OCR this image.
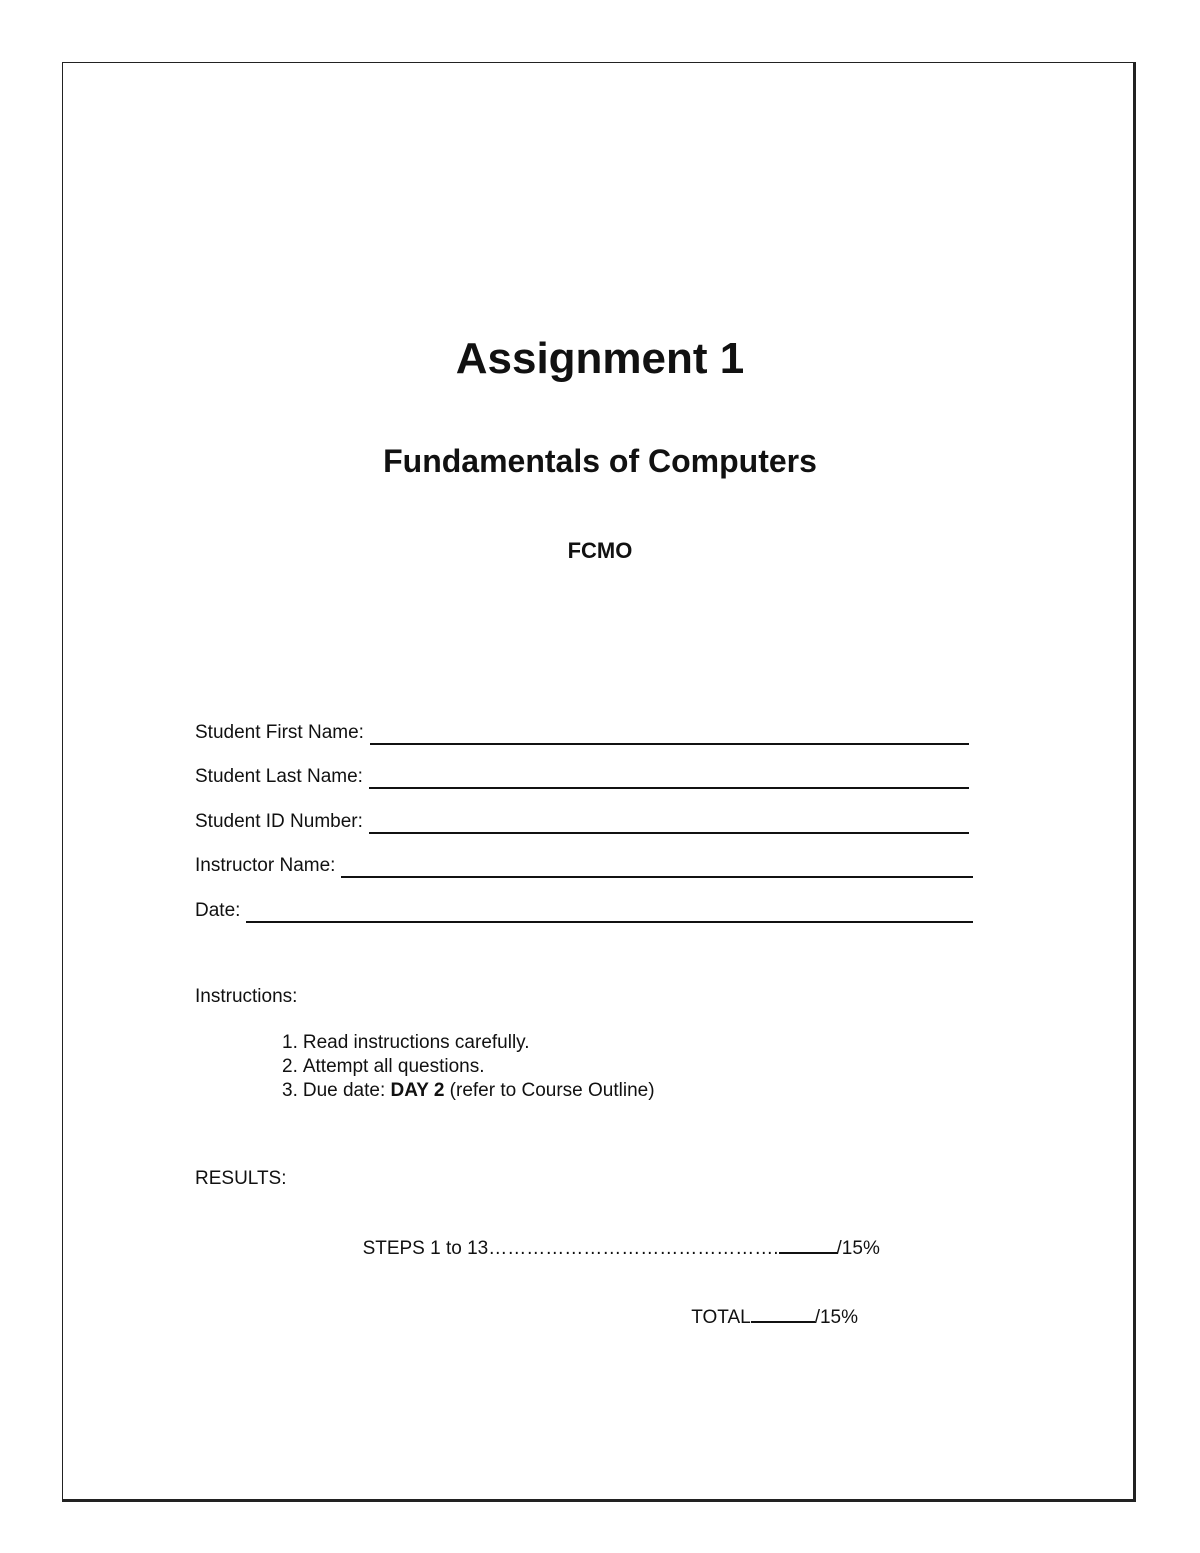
Assignment 1
Fundamentals of Computers
FCMO
Student First Name:
Student Last Name:
Student ID Number:
Instructor Name:
Date:
Instructions:
1. Read instructions carefully.
2. Attempt all questions.
3. Due date: DAY 2 (refer to Course Outline)
RESULTS:

STEPS 1 to 13……………………………………….	/15%

TOTAL	/15%
